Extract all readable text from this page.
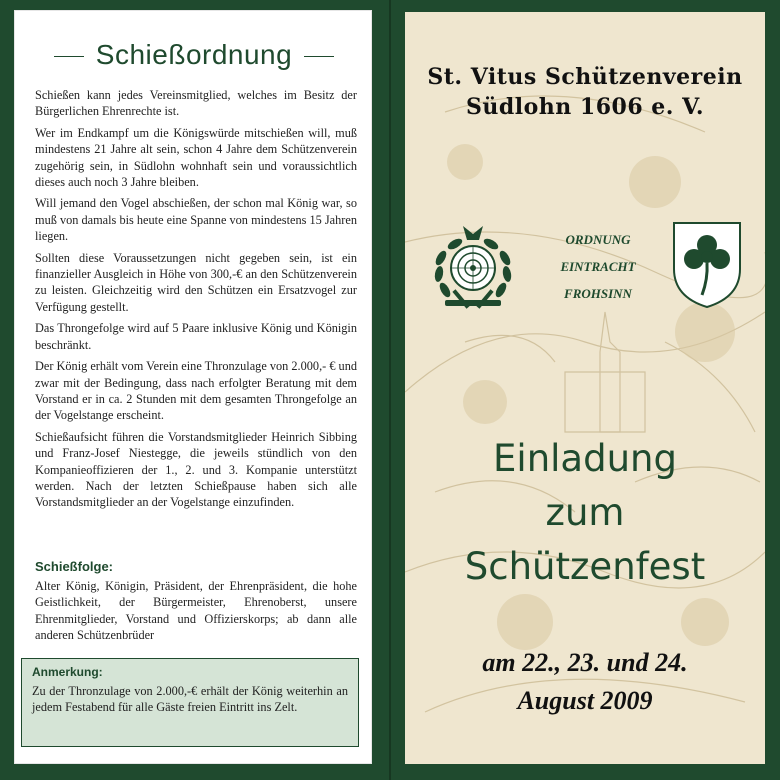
Schießordnung

Schießen kann jedes Vereinsmitglied, welches im Besitz der Bürgerlichen Ehrenrechte ist.

Wer im Endkampf um die Königswürde mitschießen will, muß mindestens 21 Jahre alt sein, schon 4 Jahre dem Schützenverein zugehörig sein, in Südlohn wohnhaft sein und voraussichtlich dieses auch noch 3 Jahre bleiben.

Will jemand den Vogel abschießen, der schon mal König war, so muß von damals bis heute eine Spanne von mindestens 15 Jahren liegen.

Sollten diese Voraussetzungen nicht gegeben sein, ist ein finanzieller Ausgleich in Höhe von 300,-€ an den Schützenverein zu leisten. Gleichzeitig wird den Schützen ein Ersatzvogel zur Verfügung gestellt.

Das Throngefolge wird auf 5 Paare inklusive König und Königin beschränkt.

Der König erhält vom Verein eine Thronzulage von 2.000,- € und zwar mit der Bedingung, dass nach erfolgter Beratung mit dem Vorstand er in ca. 2 Stunden mit dem gesamten Throngefolge an der Vogelstange erscheint.

Schießaufsicht führen die Vorstandsmitglieder Heinrich Sibbing und Franz-Josef Niestegge, die jeweils stündlich von den Kompanieoffizieren der 1., 2. und 3. Kompanie unterstützt werden. Nach der letzten Schießpause haben sich alle Vorstandsmitglieder an der Vogelstange einzufinden.

Schießfolge:
Alter König, Königin, Präsident, der Ehrenpräsident, die hohe Geistlichkeit, der Bürgermeister, Ehrenoberst, unsere Ehrenmitglieder, Vorstand und Offizierskorps; ab dann alle anderen Schützenbrüder
Anmerkung:
Zu der Thronzulage von 2.000,-€ erhält der König weiterhin an jedem Festabend für alle Gäste freien Eintritt ins Zelt.
St. Vitus Schützenverein
Südlohn 1606 e. V.
ORDNUNG
EINTRACHT
FROHSINN
Einladung
zum
Schützenfest
am 22., 23. und 24.
August 2009
